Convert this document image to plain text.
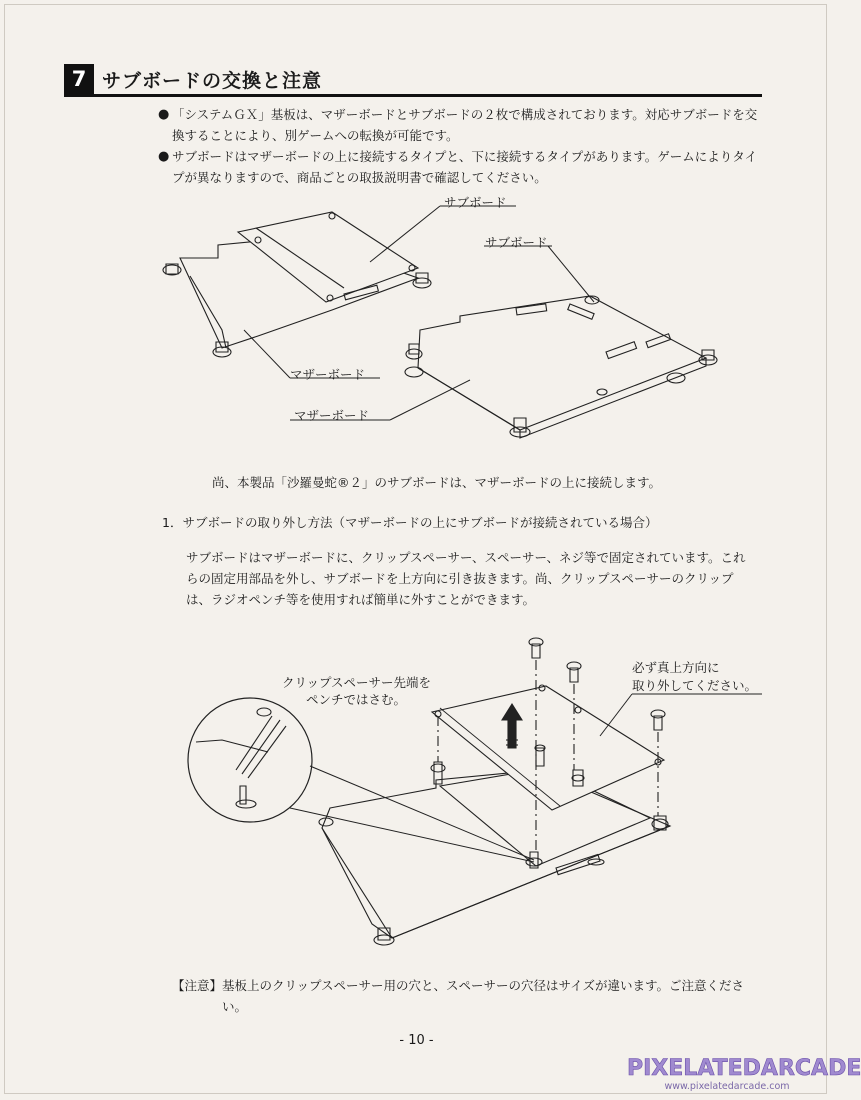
7 サブボードの交換と注意
● 「システムＧＸ」基板は、マザーボードとサブボードの２枚で構成されております。対応サブボードを交換することにより、別ゲームへの転換が可能です。
● サブボードはマザーボードの上に接続するタイプと、下に接続するタイプがあります。ゲームによりタイプが異なりますので、商品ごとの取扱説明書で確認してください。
サブボード
サブボード
マザーボード
マザーボード
尚、本製品「沙羅曼蛇®２」のサブボードは、マザーボードの上に接続します。
1．サブボードの取り外し方法（マザーボードの上にサブボードが接続されている場合）
サブボードはマザーボードに、クリップスペーサー、スペーサー、ネジ等で固定されています。これらの固定用部品を外し、サブボードを上方向に引き抜きます。尚、クリップスペーサーのクリップは、ラジオペンチ等を使用すれば簡単に外すことができます。
クリップスペーサー先端を
ペンチではさむ。
必ず真上方向に
取り外してください。
【注意】 基板上のクリップスペーサー用の穴と、スペーサーの穴径はサイズが違います。ご注意ください。
- 10 -
PIXELATEDARCADE
www.pixelatedarcade.com
